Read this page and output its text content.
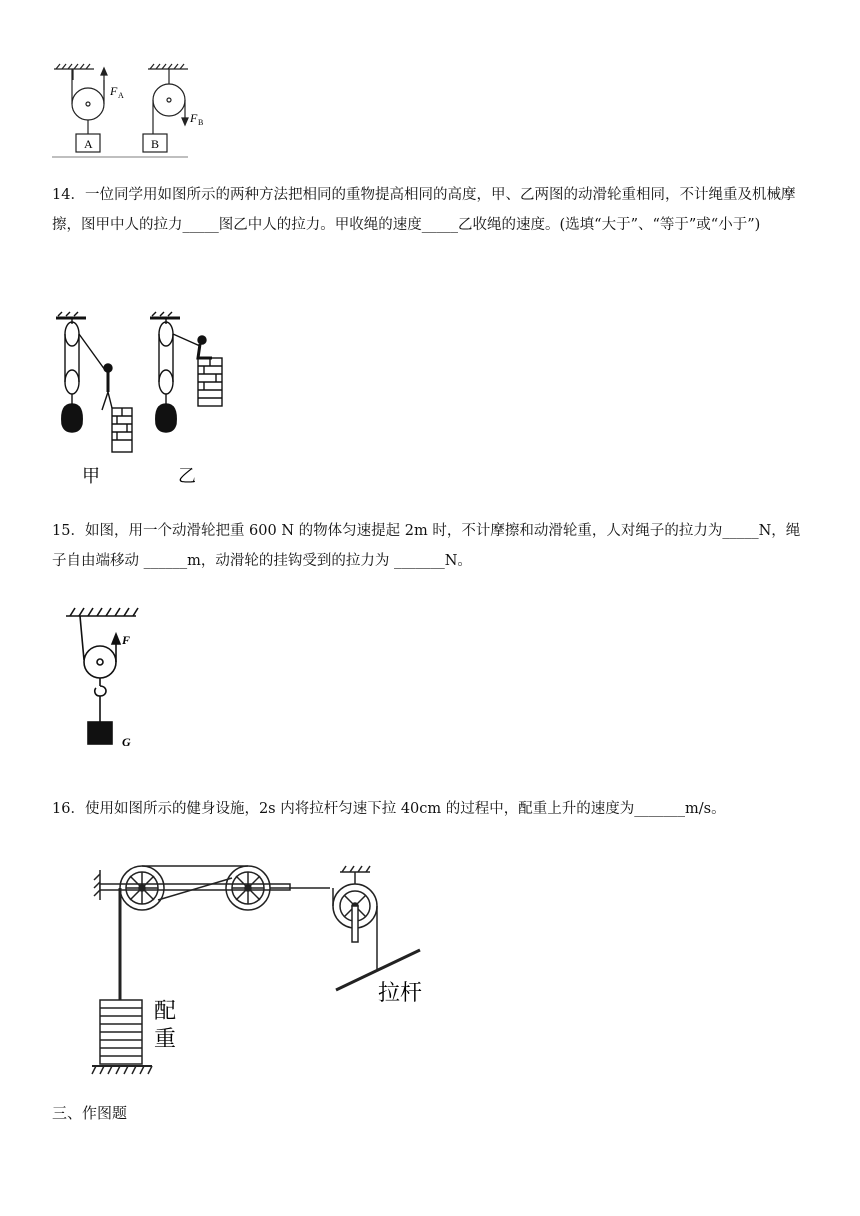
F A
F B
A	B
14．一位同学用如图所示的两种方法把相同的重物提高相同的高度，甲、乙两图的动滑轮重相同，不计绳重及机械摩擦，图甲中人的拉力_____图乙中人的拉力。甲收绳的速度_____乙收绳的速度。(选填“大于”、“等于”或“小于”)
甲	乙
15．如图，用一个动滑轮把重 600 N 的物体匀速提起 2m 时，不计摩擦和动滑轮重，人对绳子的拉力为_____N，绳子自由端移动 ______m，动滑轮的挂钩受到的拉力为 _______N。
F
G
16．使用如图所示的健身设施，2s 内将拉杆匀速下拉 40cm 的过程中，配重上升的速度为_______m/s。
配
重
拉杆
三、作图题
